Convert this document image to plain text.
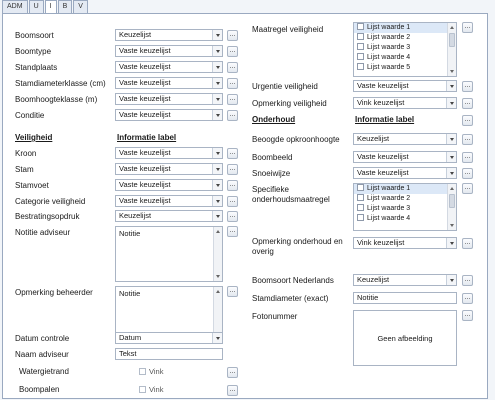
ADM	U	I	B	V
Boomsoort	Keuzelijst	...
Boomtype	Vaste keuzelijst	...
Standplaats	Vaste keuzelijst	...
Stamdiameterklasse (cm) Vaste keuzelijst	...
Boomhoogteklasse (m)	Vaste keuzelijst	...
Conditie	Vaste keuzelijst	...
Veiligheid	Informatie label
Kroon	Vaste keuzelijst	...
Stam	Vaste keuzelijst	...
Stamvoet	Vaste keuzelijst	...
Categorie veiligheid	Vaste keuzelijst	...
Bestratingsopdruk	Keuzelijst	...
Notitie adviseur	Notitie	...
Opmerking beheerder	Notitie	...
Datum controle	Datum
Naam adviseur	Tekst
Watergietrand	Vink	...
Boompalen	Vink	...
Maatregel veiligheid	Lijst waarde 1
Lijst waarde 2
Lijst waarde 3
Lijst waarde 4
Lijst waarde 5
...
Urgentie veiligheid	Vaste keuzelijst	...
Opmerking veiligheid	Vink keuzelijst	...
Onderhoud	Informatie label	...
Beoogde opkroonhoogte Keuzelijst	...
Boombeeld	Vaste keuzelijst	...
Snoeiwijze	Vaste keuzelijst	...
Specifieke onderhoudsmaatregel
Lijst waarde 1
Lijst waarde 2
Lijst waarde 3
Lijst waarde 4
...
Opmerking onderhoud en overig
Vink keuzelijst	...
Boomsoort Nederlands	Keuzelijst	...
Stamdiameter (exact)	Notitie	...
Fotonummer
Geen afbeelding
...
